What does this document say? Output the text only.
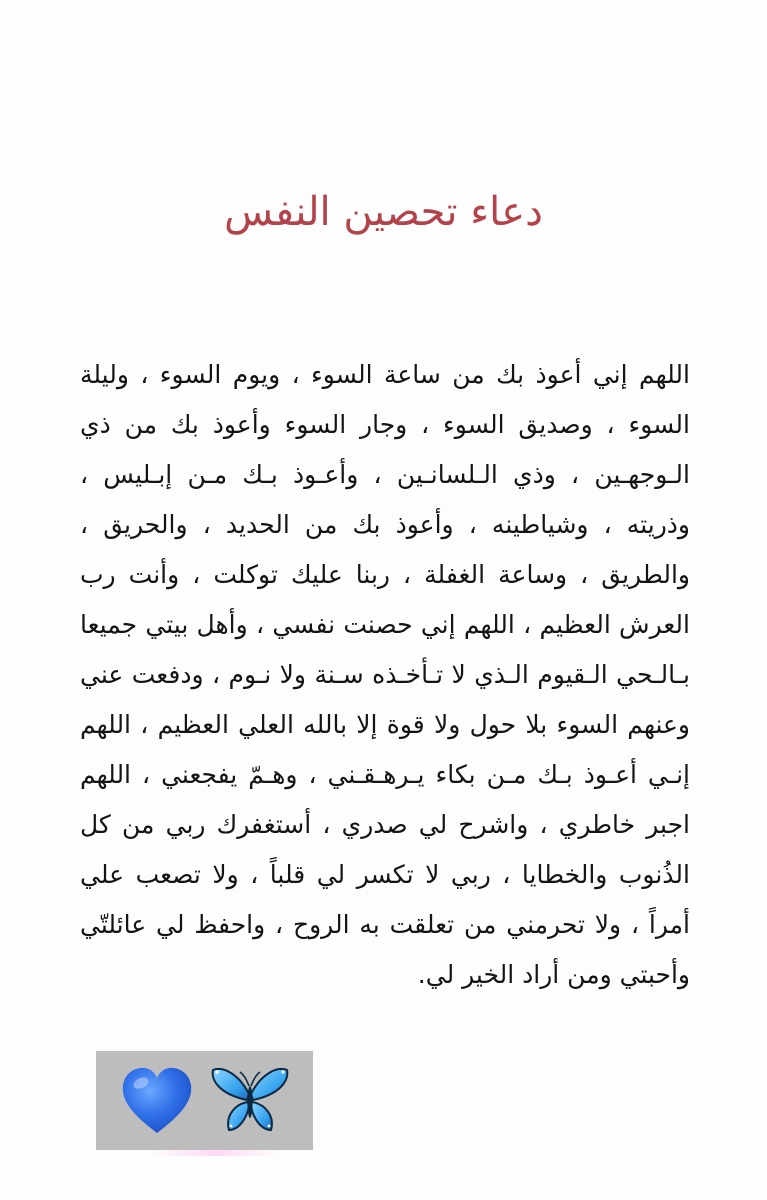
دعاء تحصين النفس

اللهم إني أعوذ بك من ساعة السوء ، ويوم السوء ، وليلة السوء ، وصديق السوء ، وجار السوء وأعوذ بك من ذي الـوجهـين ، وذي الـلسانـين ، وأعـوذ بـك مـن إبـليس ، وذريته ، وشياطينه ، وأعوذ بك من الحديد ، والحريق ، والطريق ، وساعة الغفلة ، ربنا عليك توكلت ، وأنت رب العرش العظيم ، اللهم إني حصنت نفسي ، وأهل بيتي جميعا بـالـحي الـقيوم الـذي لا تـأخـذه سـنة ولا نـوم ، ودفعت عني وعنهم السوء بلا حول ولا قوة إلا بالله العلي العظيم ، اللهم إنـي أعـوذ بـك مـن بكاء يـرهـقـني ، وهـمّ يفجعني ، اللهم اجبر خاطري ، واشرح لي صدري ، أستغفرك ربي من كل الذُنوب والخطايا ، ربي لا تكسر لي قلباً ، ولا تصعب علي أمراً ، ولا تحرمني من تعلقت به الروح ، واحفظ لي عائلتّي وأحبتي ومن أراد الخير لي.
